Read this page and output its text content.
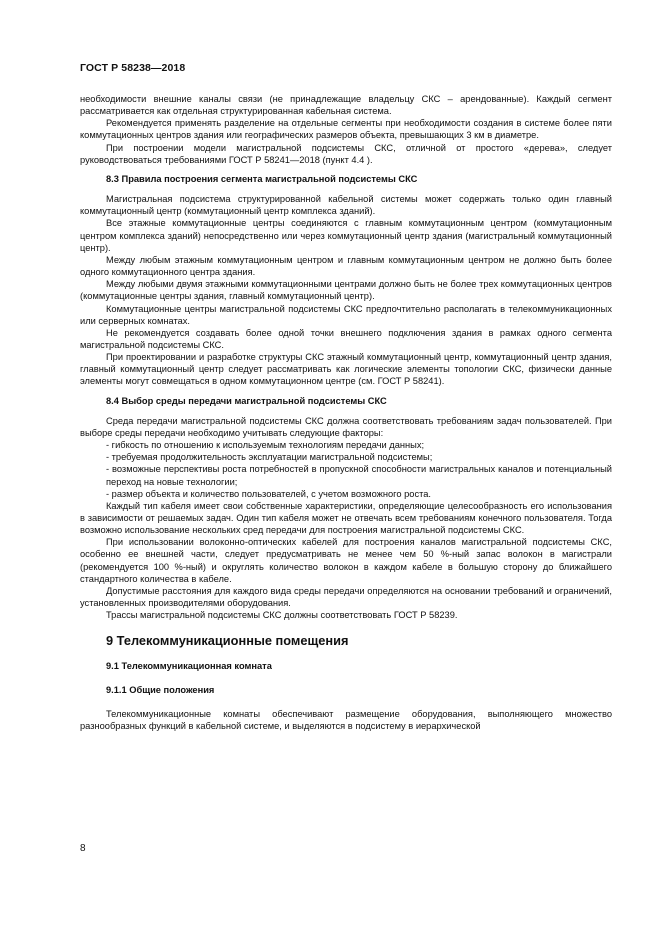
ГОСТ Р 58238—2018

необходимости внешние каналы связи (не принадлежащие владельцу СКС – арендованные). Каждый сегмент рассматривается как отдельная структурированная кабельная система.

Рекомендуется применять разделение на отдельные сегменты при необходимости создания в системе более пяти коммутационных центров здания или географических размеров объекта, превышающих 3 км в диаметре.

При построении модели магистральной подсистемы СКС, отличной от простого «дерева», следует руководствоваться требованиями ГОСТ Р 58241—2018 (пункт 4.4 ).

8.3 Правила построения сегмента магистральной подсистемы СКС

Магистральная подсистема структурированной кабельной системы может содержать только один главный коммутационный центр (коммутационный центр комплекса зданий).

Все этажные коммутационные центры соединяются с главным коммутационным центром (коммутационным центром комплекса зданий) непосредственно или через коммутационный центр здания (магистральный коммутационный центр).

Между любым этажным коммутационным центром и главным коммутационным центром не должно быть более одного коммутационного центра здания.

Между любыми двумя этажными коммутационными центрами должно быть не более трех коммутационных центров (коммутационные центры здания, главный коммутационный центр).

Коммутационные центры магистральной подсистемы СКС предпочтительно располагать в телекоммуникационных или серверных комнатах.

Не рекомендуется создавать более одной точки внешнего подключения здания в рамках одного сегмента магистральной подсистемы СКС.

При проектировании и разработке структуры СКС этажный коммутационный центр, коммутационный центр здания, главный коммутационный центр следует рассматривать как логические элементы топологии СКС, физически данные элементы могут совмещаться в одном коммутационном центре (см. ГОСТ Р 58241).

8.4 Выбор среды передачи магистральной подсистемы СКС

Среда передачи магистральной подсистемы СКС должна соответствовать требованиям задач пользователей. При выборе среды передачи необходимо учитывать следующие факторы:

- гибкость по отношению к используемым технологиям передачи данных;

- требуемая продолжительность эксплуатации магистральной подсистемы;

- возможные перспективы роста потребностей в пропускной способности магистральных каналов и потенциальный переход на новые технологии;

- размер объекта и количество пользователей, с учетом возможного роста.

Каждый тип кабеля имеет свои собственные характеристики, определяющие целесообразность его использования в зависимости от решаемых задач. Один тип кабеля может не отвечать всем требованиям конечного пользователя. Тогда возможно использование нескольких сред передачи для построения магистральной подсистемы СКС.

При использовании волоконно-оптических кабелей для построения каналов магистральной подсистемы СКС, особенно ее внешней части, следует предусматривать не менее чем 50 %-ный запас волокон в магистрали (рекомендуется 100 %-ный) и округлять количество волокон в каждом кабеле в большую сторону до ближайшего стандартного количества в кабеле.

Допустимые расстояния для каждого вида среды передачи определяются на основании требований и ограничений, установленных производителями оборудования.

Трассы магистральной подсистемы СКС должны соответствовать ГОСТ Р 58239.

9 Телекоммуникационные помещения
9.1 Телекоммуникационная комната
9.1.1 Общие положения

Телекоммуникационные комнаты обеспечивают размещение оборудования, выполняющего множество разнообразных функций в кабельной системе, и выделяются в подсистему в иерархической

8
